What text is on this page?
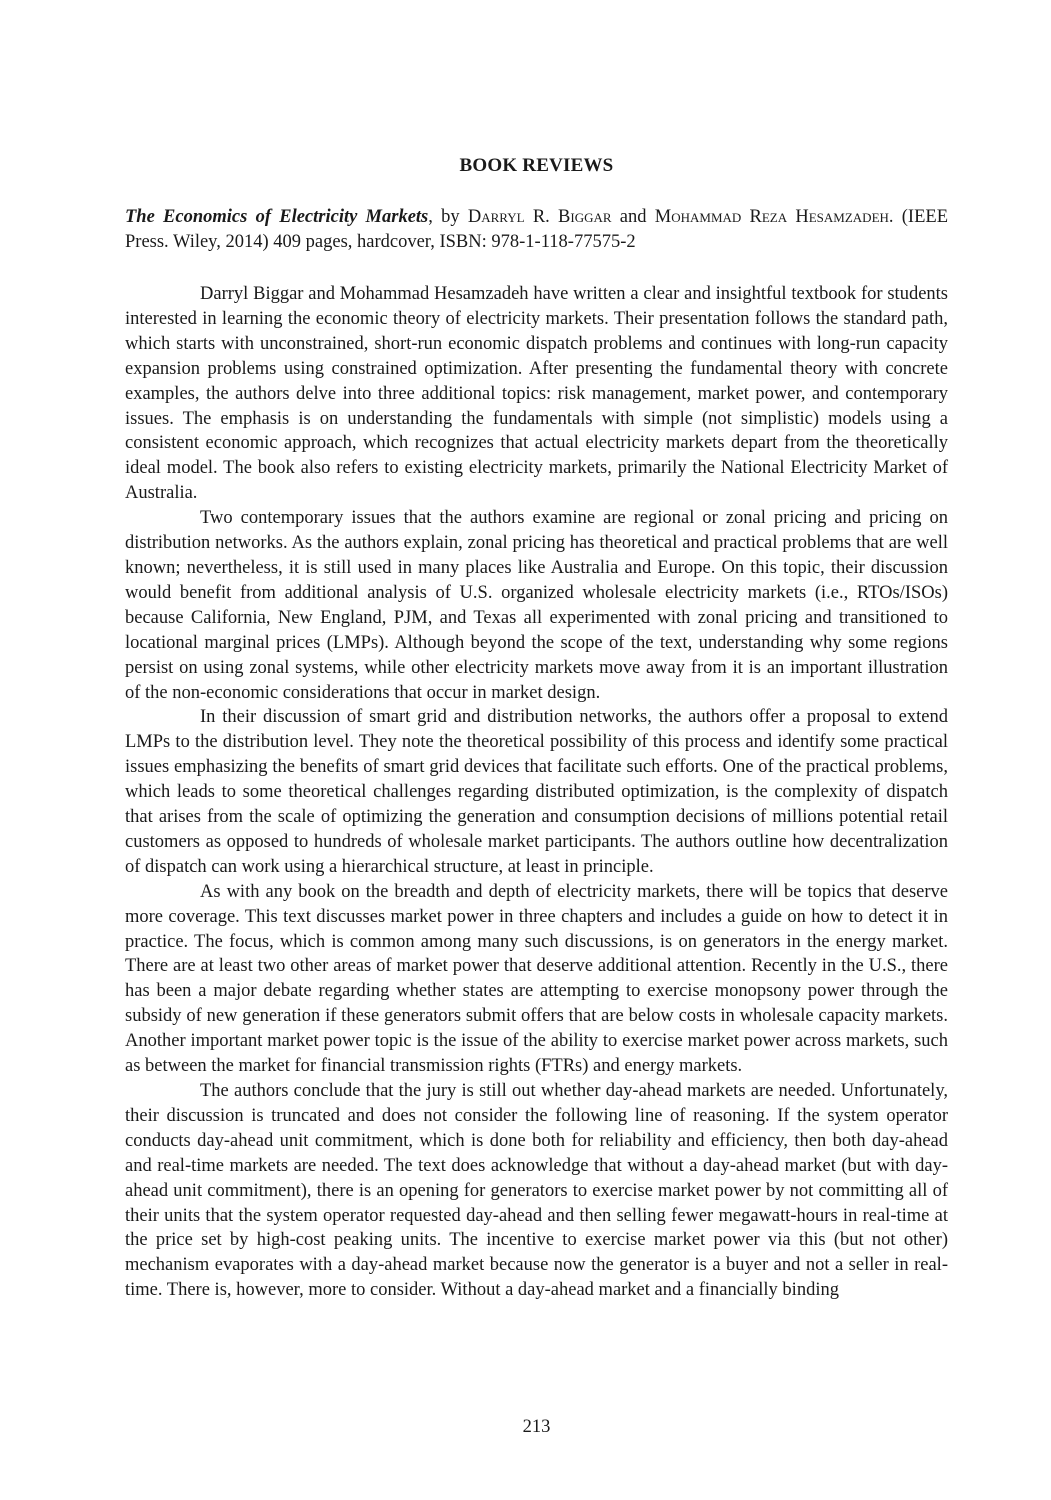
BOOK REVIEWS

The Economics of Electricity Markets, by Darryl R. Biggar and Mohammad Reza Hesamzadeh. (IEEE Press. Wiley, 2014) 409 pages, hardcover, ISBN: 978-1-118-77575-2

Darryl Biggar and Mohammad Hesamzadeh have written a clear and insightful textbook for students interested in learning the economic theory of electricity markets. Their presentation follows the standard path, which starts with unconstrained, short-run economic dispatch problems and continues with long-run capacity expansion problems using constrained optimization. After presenting the fundamental theory with concrete examples, the authors delve into three additional topics: risk management, market power, and contemporary issues. The emphasis is on understanding the fundamentals with simple (not simplistic) models using a consistent economic approach, which recognizes that actual electricity markets depart from the theoretically ideal model. The book also refers to existing electricity markets, primarily the National Electricity Market of Australia.

Two contemporary issues that the authors examine are regional or zonal pricing and pricing on distribution networks. As the authors explain, zonal pricing has theoretical and practical problems that are well known; nevertheless, it is still used in many places like Australia and Europe. On this topic, their discussion would benefit from additional analysis of U.S. organized wholesale electricity markets (i.e., RTOs/ISOs) because California, New England, PJM, and Texas all experimented with zonal pricing and transitioned to locational marginal prices (LMPs). Although beyond the scope of the text, understanding why some regions persist on using zonal systems, while other electricity markets move away from it is an important illustration of the non-economic considerations that occur in market design.

In their discussion of smart grid and distribution networks, the authors offer a proposal to extend LMPs to the distribution level. They note the theoretical possibility of this process and identify some practical issues emphasizing the benefits of smart grid devices that facilitate such efforts. One of the practical problems, which leads to some theoretical challenges regarding distributed optimization, is the complexity of dispatch that arises from the scale of optimizing the generation and consumption decisions of millions potential retail customers as opposed to hundreds of wholesale market participants. The authors outline how decentralization of dispatch can work using a hierarchical structure, at least in principle.

As with any book on the breadth and depth of electricity markets, there will be topics that deserve more coverage. This text discusses market power in three chapters and includes a guide on how to detect it in practice. The focus, which is common among many such discussions, is on generators in the energy market. There are at least two other areas of market power that deserve additional attention. Recently in the U.S., there has been a major debate regarding whether states are attempting to exercise monopsony power through the subsidy of new generation if these generators submit offers that are below costs in wholesale capacity markets. Another important market power topic is the issue of the ability to exercise market power across markets, such as between the market for financial transmission rights (FTRs) and energy markets.

The authors conclude that the jury is still out whether day-ahead markets are needed. Unfortunately, their discussion is truncated and does not consider the following line of reasoning. If the system operator conducts day-ahead unit commitment, which is done both for reliability and efficiency, then both day-ahead and real-time markets are needed. The text does acknowledge that without a day-ahead market (but with day-ahead unit commitment), there is an opening for generators to exercise market power by not committing all of their units that the system operator requested day-ahead and then selling fewer megawatt-hours in real-time at the price set by high-cost peaking units. The incentive to exercise market power via this (but not other) mechanism evaporates with a day-ahead market because now the generator is a buyer and not a seller in real-time. There is, however, more to consider. Without a day-ahead market and a financially binding

213
